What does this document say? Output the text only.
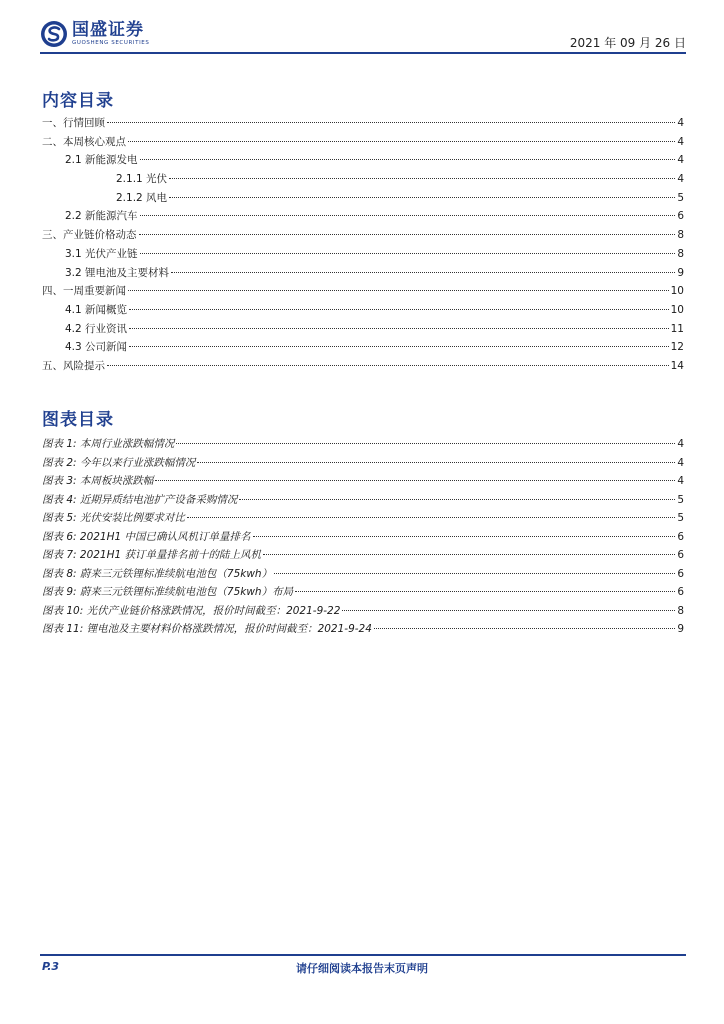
国盛证券
GUOSHENG SECURITIES	2021 年 09 月 26 日
内容目录
一、行情回顾	4
二、本周核心观点	4
2.1 新能源发电	4
2.1.1 光伏	4
2.1.2 风电	5
2.2 新能源汽车	6
三、产业链价格动态	8
3.1 光伏产业链	8
3.2 锂电池及主要材料	9
四、一周重要新闻	10
4.1 新闻概览	10
4.2 行业资讯	11
4.3 公司新闻	12
五、风险提示	14
图表目录
图表 1: 本周行业涨跌幅情况	4
图表 2: 今年以来行业涨跌幅情况	4
图表 3: 本周板块涨跌幅	4
图表 4: 近期异质结电池扩产设备采购情况	5
图表 5: 光伏安装比例要求对比	5
图表 6: 2021H1 中国已确认风机订单量排名	6
图表 7: 2021H1 获订单量排名前十的陆上风机	6
图表 8: 蔚来三元铁锂标准续航电池包（75kwh）	6
图表 9: 蔚来三元铁锂标准续航电池包（75kwh）布局	6
图表 10: 光伏产业链价格涨跌情况，报价时间截至：2021-9-22	8
图表 11: 锂电池及主要材料价格涨跌情况，报价时间截至：2021-9-24	9
P.3	请仔细阅读本报告末页声明
